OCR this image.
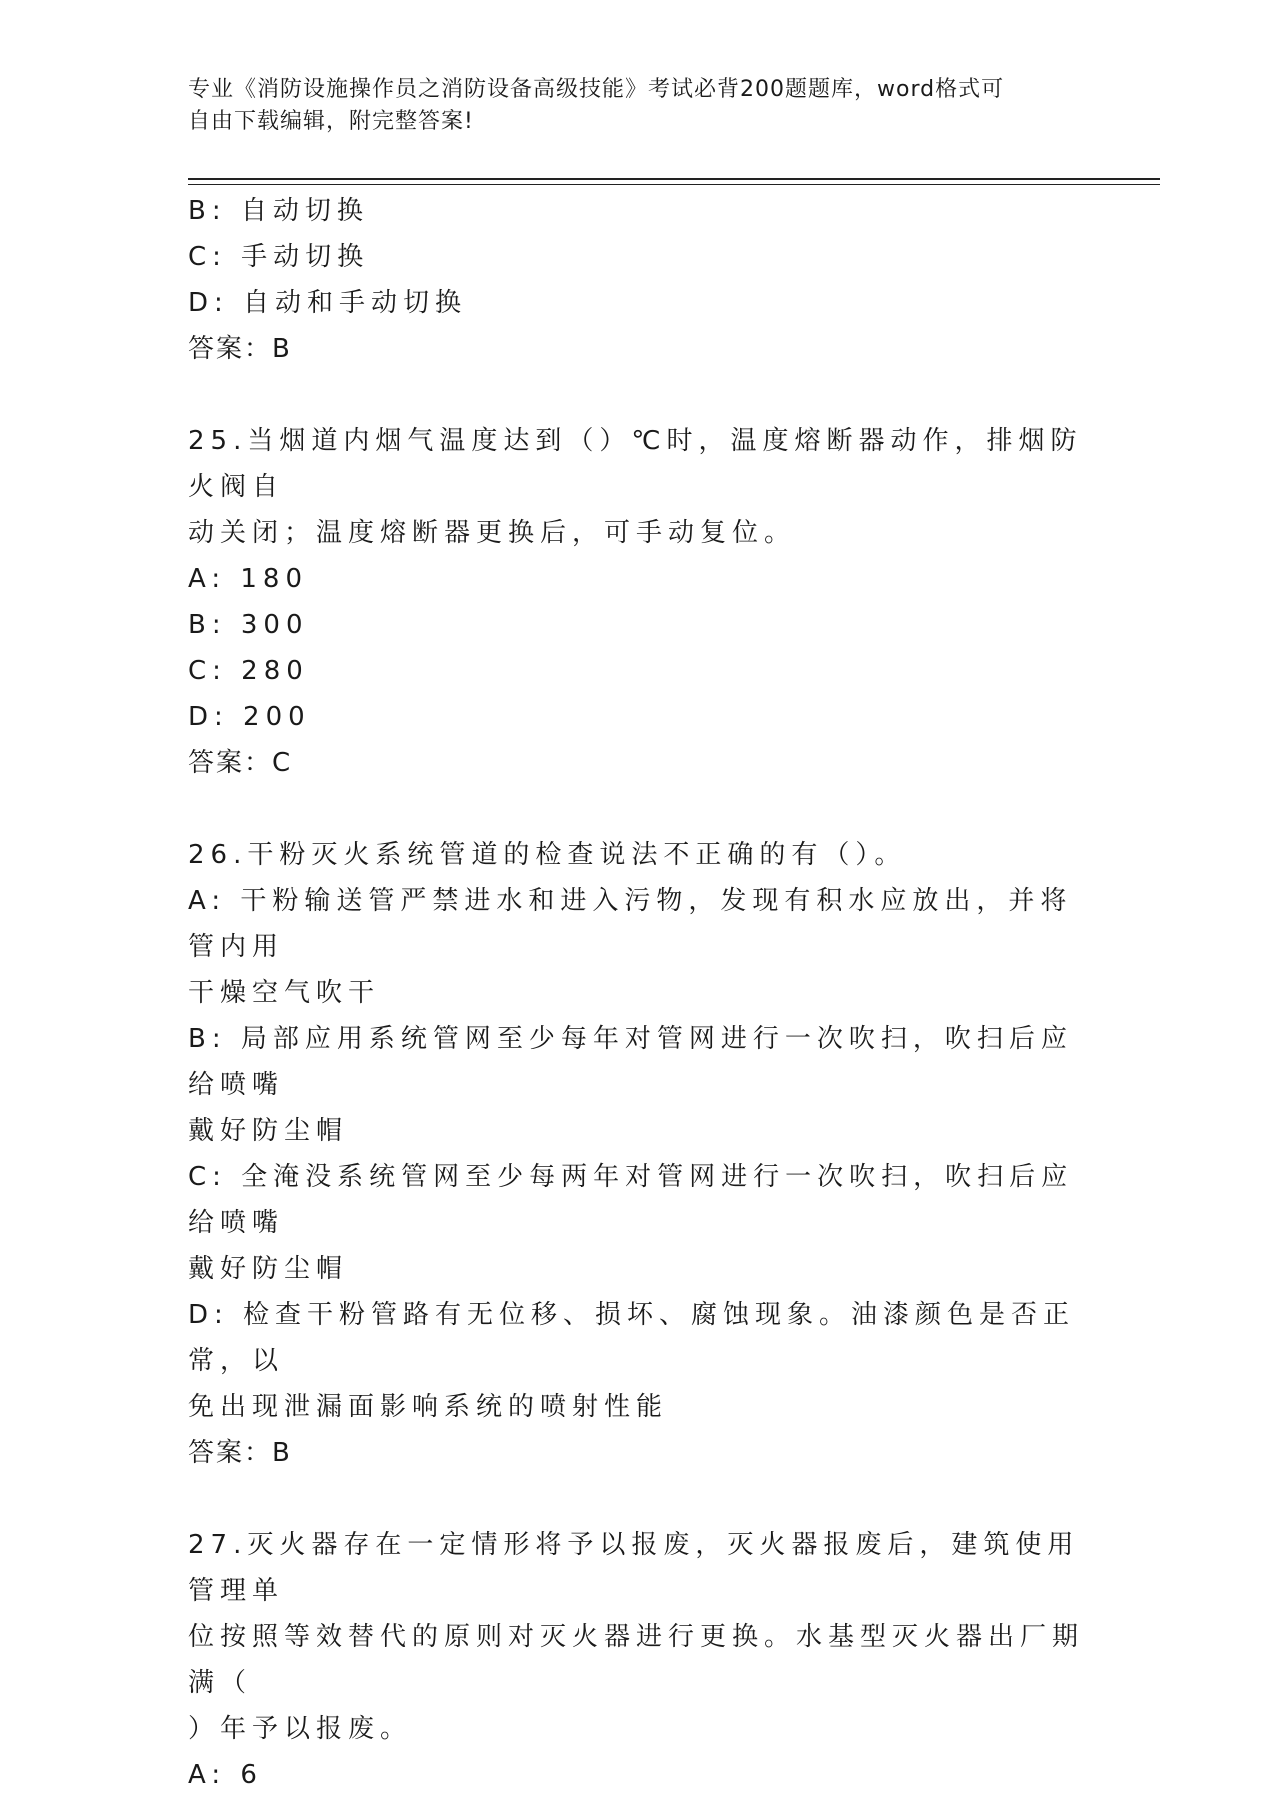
专业《消防设施操作员之消防设备高级技能》考试必背200题题库，word格式可
自由下载编辑，附完整答案!

B: 自动切换

C: 手动切换

D: 自动和手动切换

答案：B

25.当烟道内烟气温度达到（）℃时，温度熔断器动作，排烟防火阀自

动关闭；温度熔断器更换后，可手动复位。

A: 180

B: 300

C: 280

D: 200

答案：C

26.干粉灭火系统管道的检查说法不正确的有（）。

A: 干粉输送管严禁进水和进入污物，发现有积水应放出，并将管内用

干燥空气吹干

B: 局部应用系统管网至少每年对管网进行一次吹扫，吹扫后应给喷嘴

戴好防尘帽

C: 全淹没系统管网至少每两年对管网进行一次吹扫，吹扫后应给喷嘴

戴好防尘帽

D: 检查干粉管路有无位移、损坏、腐蚀现象。油漆颜色是否正常，以

免出现泄漏面影响系统的喷射性能

答案：B

27.灭火器存在一定情形将予以报废，灭火器报废后，建筑使用管理单

位按照等效替代的原则对灭火器进行更换。水基型灭火器出厂期满（

）年予以报废。

A: 6
